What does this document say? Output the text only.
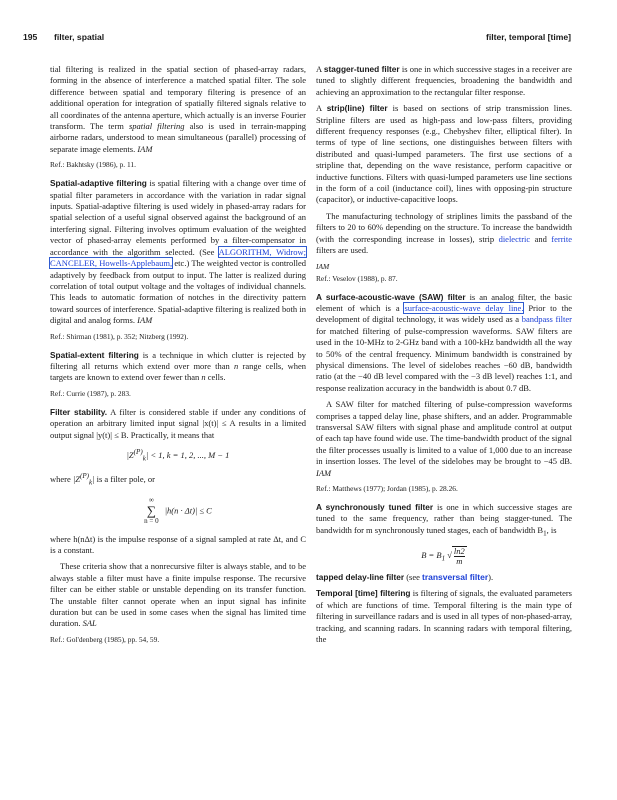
195 filter, spatial	filter, temporal [time]

tial filtering is realized in the spatial section of phased-array radars, forming in the absence of interference a matched spatial filter. The sole difference between spatial and temporary filtering is presence of an additional operation for integration of spatially filtered signals relative to all coordinates of the antenna aperture, which actually is an inverse Fourier transform. The term spatial filtering also is used in terrain-mapping airborne radars, understood to mean simultaneous (parallel) processing of separate image elements. IAM

Ref.: Bakhtsky (1986), p. 11.

Spatial-adaptive filtering is spatial filtering with a change over time of spatial filter parameters in accordance with the variation in radar signal inputs. Spatial-adaptive filtering is used widely in phased-array radars for spatial selection of a useful signal observed against the background of an interfering signal. Filtering involves optimum evaluation of the weighted vector of phased-array elements performed by a filter-compensator in accordance with the algorithm selected. (See ALGORITHM, Widrow; CANCELER, Howells-Applebaum, etc.) The weighted vector is controlled adaptively by feedback from output to input. The latter is realized during correlation of total output voltage and the voltages of individual channels. This leads to automatic formation of notches in the directivity pattern toward sources of interference. Spatial-adaptive filtering is realized both in digital and analog forms. IAM

Ref.: Shirman (1981), p. 352; Nitzberg (1992).

Spatial-extent filtering is a technique in which clutter is rejected by filtering all returns which extend over more than n range cells, when targets are known to extend over fewer than n cells.

Ref.: Currie (1987), p. 283.

Filter stability. A filter is considered stable if under any conditions of operation an arbitrary limited input signal |x(t)| ≤ A results in a limited output signal |y(t)| ≤ B. Practically, it means that

$|Z^{(P)}_k| < 1$, k = 1, 2, ..., M − 1

where $|Z^{(P)}_k|$ is a filter pole, or

∞
∑
n = 0
|h(n · Δt)| ≤ C

where h(nΔt) is the impulse response of a signal sampled at rate Δt, and C is a constant.

These criteria show that a nonrecursive filter is always stable, and to be always stable a filter must have a finite impulse response. The recursive filter can be either stable or unstable depending on its transfer function. The unstable filter cannot operate when an input signal has infinite duration but can be used in some cases when the signal has limited time duration. SAL

Ref.: Gol'denberg (1985), pp. 54, 59.

A stagger-tuned filter is one in which successive stages in a receiver are tuned to slightly different frequencies, broadening the bandwidth and achieving an approximation to the rectangular filter response.

A strip(line) filter is based on sections of strip transmission lines. Stripline filters are used as high-pass and low-pass filters, providing different frequency responses (e.g., Chebyshev filter, elliptical filter). In terms of type of line sections, one distinguishes between filters with distributed and quasi-lumped parameters. The first use sections of a stripline that, depending on the wave resistance, perform capacitive or inductive functions. Filters with quasi-lumped parameters use line sections in the form of a coil (inductance coil), lines with opposing-pin structure (capacitor), or inductive-capacitive loops.

The manufacturing technology of striplines limits the passband of the filters to 20 to 60% depending on the structure. To increase the bandwidth (with the corresponding increase in losses), strip dielectric and ferrite filters are used.

IAM
Ref.: Veselov (1988), p. 87.

A surface-acoustic-wave (SAW) filter is an analog filter, the basic element of which is a surface-acoustic-wave delay line. Prior to the development of digital technology, it was widely used as a bandpass filter for matched filtering of pulse-compression waveforms. SAW filters are used in the 10-MHz to 2-GHz band with a 100-kHz bandwidth all the way to 50% of the central frequency. Minimum bandwidth is constrained by physical dimensions. The level of sidelobes reaches −60 dB, bandwidth ratio (at the −40 dB level compared with the −3 dB level) reaches 1:1, and response realization accuracy in the bandwidth is about 0.7 dB.

A SAW filter for matched filtering of pulse-compression waveforms comprises a tapped delay line, phase shifters, and an adder. Programmable transversal SAW filters with signal phase and amplitude control at output of each tap have found wide use. The time-bandwidth product of the signal the filter processes usually is limited to a value of 1,000 due to an increase in insertion losses. The level of the sidelobes may be brought to −45 dB. IAM

Ref.: Matthews (1977); Jordan (1985), p. 28.26.

A synchronously tuned filter is one in which successive stages are tuned to the same frequency, rather than being stagger-tuned. The bandwidth for m synchronously tuned stages, each of bandwidth $B_1$, is

$B = B_1$ √ $\frac{\ln 2}{m}$

tapped delay-line filter (see transversal filter).

Temporal [time] filtering is filtering of signals, the evaluated parameters of which are functions of time. Temporal filtering is the main type of filtering in surveillance radars and is used in all types of non-phased-array, tracking, and scanning radars. In scanning radars with temporal filtering, the
